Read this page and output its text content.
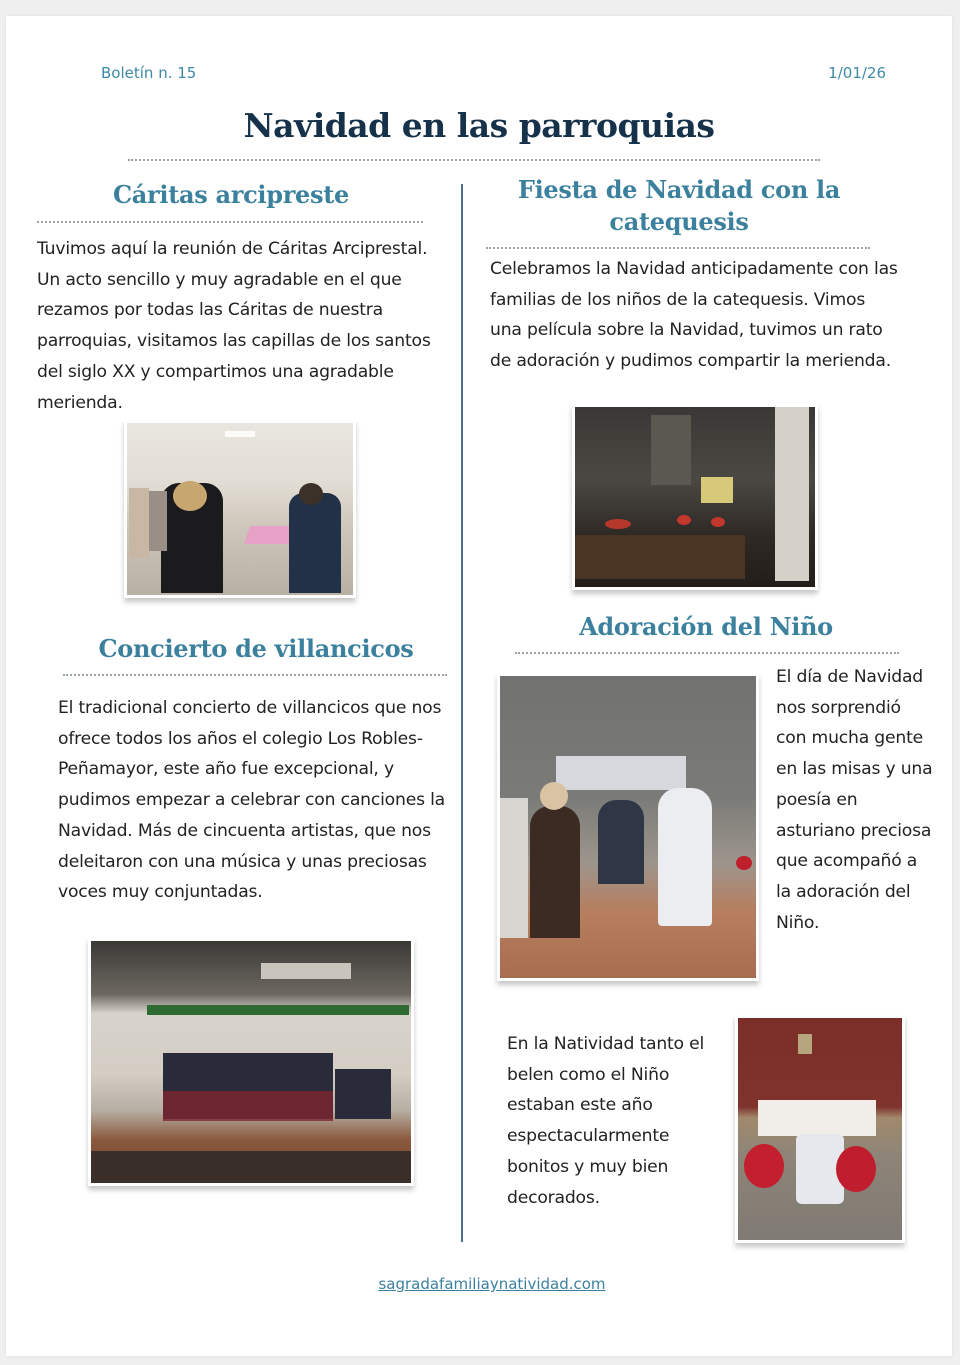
Boletín n. 15	1/01/26
Navidad en las parroquias
Cáritas arcipreste
Tuvimos aquí la reunión de Cáritas Arciprestal. Un acto sencillo y muy agradable en el que rezamos por todas las Cáritas de nuestra parroquias, visitamos las capillas de los santos del siglo XX y compartimos una agradable merienda.
Fiesta de Navidad con la catequesis
Celebramos la Navidad anticipadamente con las familias de los niños de la catequesis. Vimos una película sobre la Navidad, tuvimos un rato de adoración y pudimos compartir la merienda.
Concierto de villancicos
El tradicional concierto de villancicos que nos ofrece todos los años el colegio Los Robles-Peñamayor, este año fue excepcional, y pudimos empezar a celebrar con canciones la Navidad. Más de cincuenta artistas, que nos deleitaron con una música y unas preciosas voces muy conjuntadas.
Adoración del Niño
El día de Navidad nos sorprendió con mucha gente en las misas y una poesía en asturiano preciosa que acompañó a la adoración del Niño.
En la Natividad tanto el belen como el Niño estaban este año espectacularmente bonitos y muy bien decorados.
sagradafamiliaynatividad.com
